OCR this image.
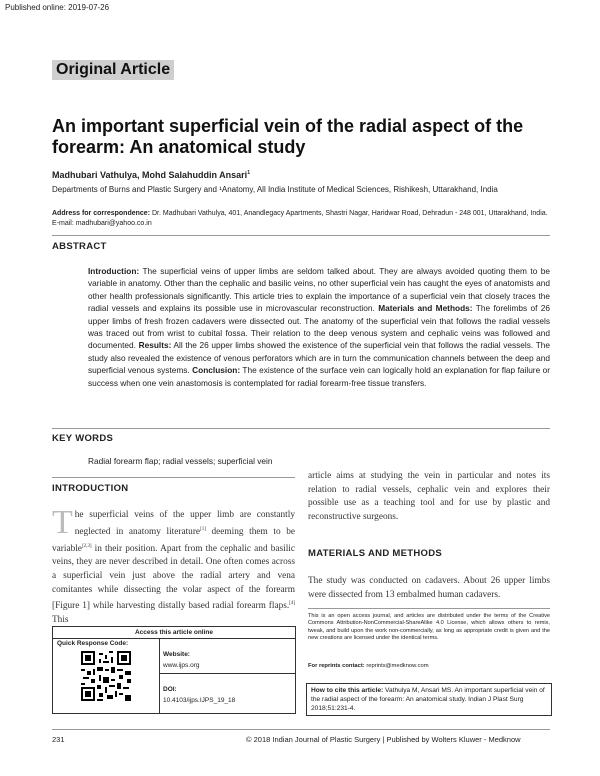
Published online: 2019-07-26
Original Article
An important superficial vein of the radial aspect of the forearm: An anatomical study
Madhubari Vathulya, Mohd Salahuddin Ansari$^1$
Departments of Burns and Plastic Surgery and ¹Anatomy, All India Institute of Medical Sciences, Rishikesh, Uttarakhand, India
Address for correspondence: Dr. Madhubari Vathulya, 401, Anandlegacy Apartments, Shastri Nagar, Haridwar Road, Dehradun - 248 001, Uttarakhand, India. E-mail: madhubari@yahoo.co.in
ABSTRACT
Introduction: The superficial veins of upper limbs are seldom talked about. They are always avoided quoting them to be variable in anatomy. Other than the cephalic and basilic veins, no other superficial vein has caught the eyes of anatomists and other health professionals significantly. This article tries to explain the importance of a superficial vein that closely traces the radial vessels and explains its possible use in microvascular reconstruction. Materials and Methods: The forelimbs of 26 upper limbs of fresh frozen cadavers were dissected out. The anatomy of the superficial vein that follows the radial vessels was traced out from wrist to cubital fossa. Their relation to the deep venous system and cephalic veins was followed and documented. Results: All the 26 upper limbs showed the existence of the superficial vein that follows the radial vessels. The study also revealed the existence of venous perforators which are in turn the communication channels between the deep and superficial venous systems. Conclusion: The existence of the surface vein can logically hold an explanation for flap failure or success when one vein anastomosis is contemplated for radial forearm-free tissue transfers.
KEY WORDS
Radial forearm flap; radial vessels; superficial vein
INTRODUCTION
The superficial veins of the upper limb are constantly neglected in anatomy literature[1] deeming them to be variable[2,3] in their position. Apart from the cephalic and basilic veins, they are never described in detail. One often comes across a superficial vein just above the radial artery and vena comitantes while dissecting the volar aspect of the forearm [Figure 1] while harvesting distally based radial forearm flaps.[4] This
article aims at studying the vein in particular and notes its relation to radial vessels, cephalic vein and explores their possible use as a teaching tool and for use by plastic and reconstructive surgeons.
MATERIALS AND METHODS
The study was conducted on cadavers. About 26 upper limbs were dissected from 13 embalmed human cadavers.
This is an open access journal, and articles are distributed under the terms of the Creative Commons Attribution-NonCommercial-ShareAlike 4.0 License, which allows others to remix, tweak, and build upon the work non-commercially, as long as appropriate credit is given and the new creations are licensed under the identical terms.
For reprints contact: reprints@medknow.com
How to cite this article: Vathulya M, Ansari MS. An important superficial vein of the radial aspect of the forearm: An anatomical study. Indian J Plast Surg 2018;51:231-4.
Access this article online
Quick Response Code:
Website:
www.ijps.org
DOI:
10.4103/ijps.IJPS_19_18
231	© 2018 Indian Journal of Plastic Surgery | Published by Wolters Kluwer - Medknow
